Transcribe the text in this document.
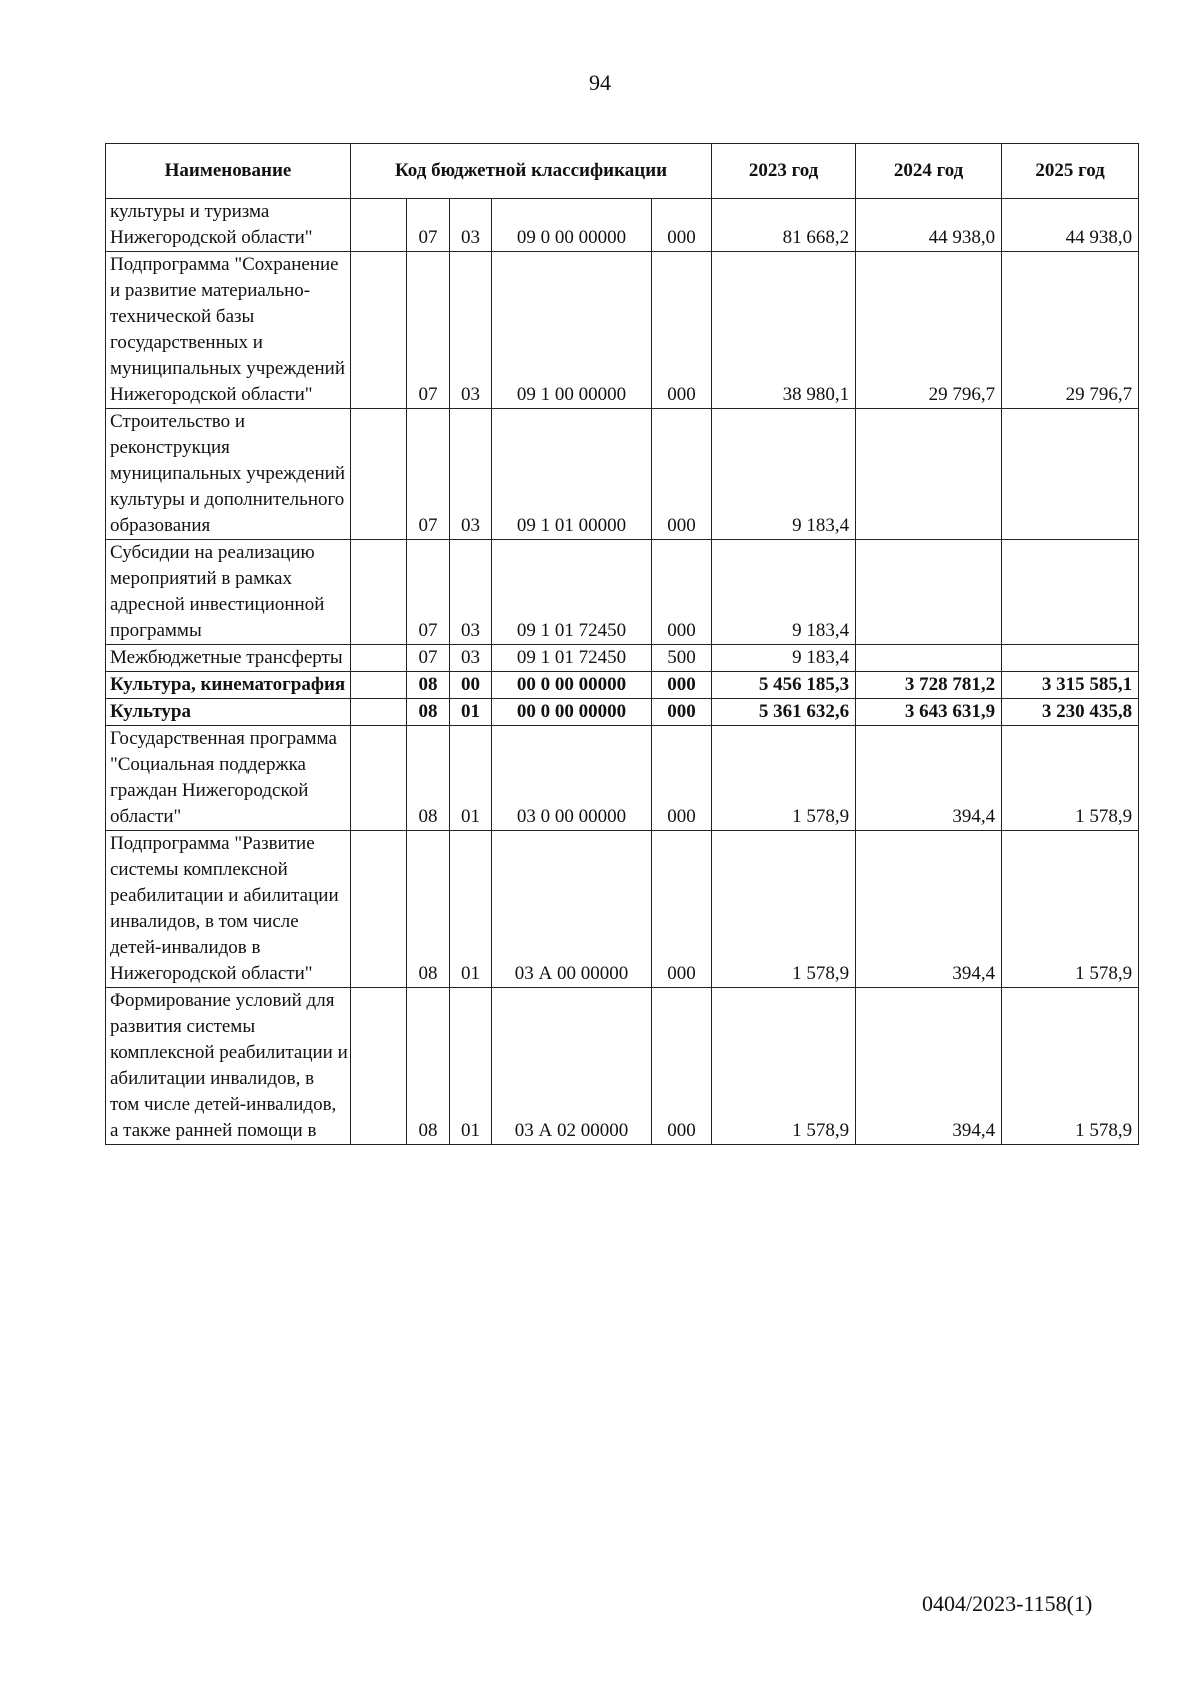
94
Наименование	Код бюджетной классификации					2023 год	2024 год	2025 год
культуры и туризма Нижегородской области"		07	03	09 0 00 00000	000	81 668,2	44 938,0	44 938,0
Подпрограмма "Сохранение и развитие материально-технической базы государственных и муниципальных учреждений Нижегородской области"		07	03	09 1 00 00000	000	38 980,1	29 796,7	29 796,7
Строительство и реконструкция муниципальных учреждений культуры и дополнительного образования		07	03	09 1 01 00000	000	9 183,4		
Субсидии на реализацию мероприятий в рамках адресной инвестиционной программы		07	03	09 1 01 72450	000	9 183,4		
Межбюджетные трансферты		07	03	09 1 01 72450	500	9 183,4		
Культура, кинематография		08	00	00 0 00 00000	000	5 456 185,3	3 728 781,2	3 315 585,1
Культура		08	01	00 0 00 00000	000	5 361 632,6	3 643 631,9	3 230 435,8
Государственная программа "Социальная поддержка граждан Нижегородской области"		08	01	03 0 00 00000	000	1 578,9	394,4	1 578,9
Подпрограмма "Развитие системы комплексной реабилитации и абилитации инвалидов, в том числе детей-инвалидов в Нижегородской области"		08	01	03 А 00 00000	000	1 578,9	394,4	1 578,9
Формирование условий для развития системы комплексной реабилитации и абилитации инвалидов, в том числе детей-инвалидов, а также ранней помощи в		08	01	03 А 02 00000	000	1 578,9	394,4	1 578,9
0404/2023-1158(1)
